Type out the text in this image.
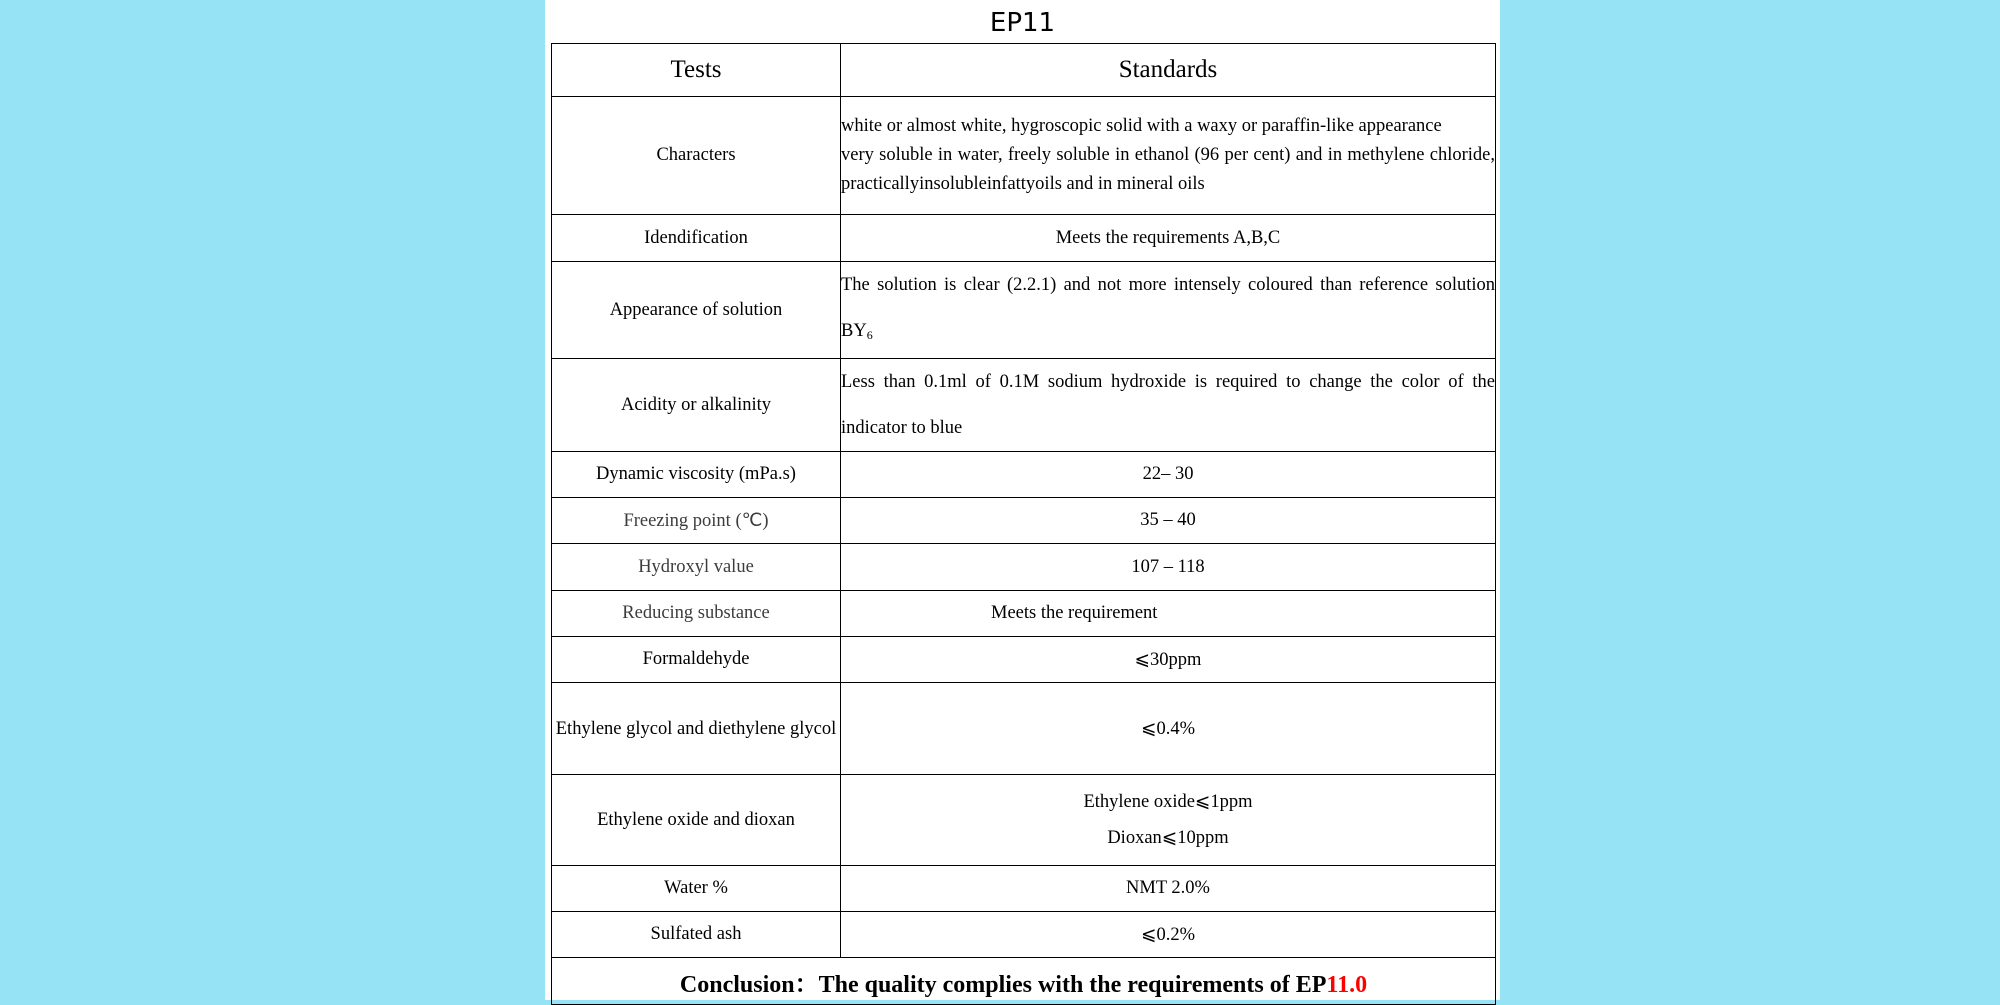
EP11
Tests	Standards
Characters	white or almost white, hygroscopic solid with a waxy or paraffin-like appearance

very soluble in water, freely soluble in ethanol (96 per cent) and in methylene chloride, practicallyinsolubleinfattyoils and in mineral oils

Idendification	Meets the requirements A,B,C
Appearance of solution	The solution is clear (2.2.1) and not more intensely coloured than reference solution $BY_6$
Acidity or alkalinity	Less than 0.1ml of 0.1M sodium hydroxide is required to change the color of the indicator to blue
Dynamic viscosity (mPa.s)	22– 30
Freezing point (℃)	35 – 40
Hydroxyl value	107 – 118
Reducing substance	Meets the requirement
Formaldehyde	⩽30ppm
Ethylene glycol and diethylene glycol	⩽0.4%
Ethylene oxide and dioxan	Ethylene oxide⩽1ppm
Dioxan⩽10ppm

Water %	NMT 2.0%
Sulfated ash	⩽0.2%
Conclusion：The quality complies with the requirements of EP11.0	
